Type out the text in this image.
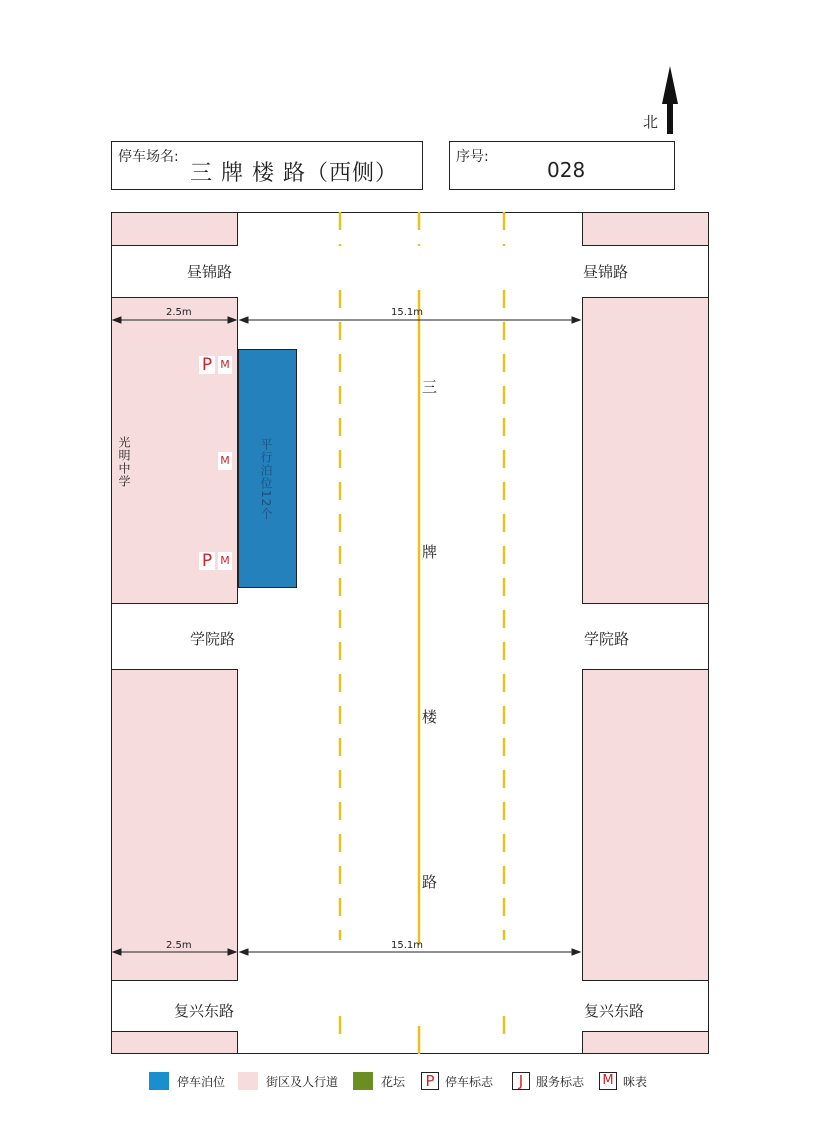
北
停车场名:
三 牌 楼 路（西侧）
序号:
028
2.5m	15.1m
2.5m	15.1m
昼锦路	昼锦路
学院路	学院路
复兴东路	复兴东路
三
牌
楼
路
光明中学	平行泊位12个
P M
M
P M
停车泊位	街区及人行道	花坛 P 停车标志	J	服务标志 M 咪表
